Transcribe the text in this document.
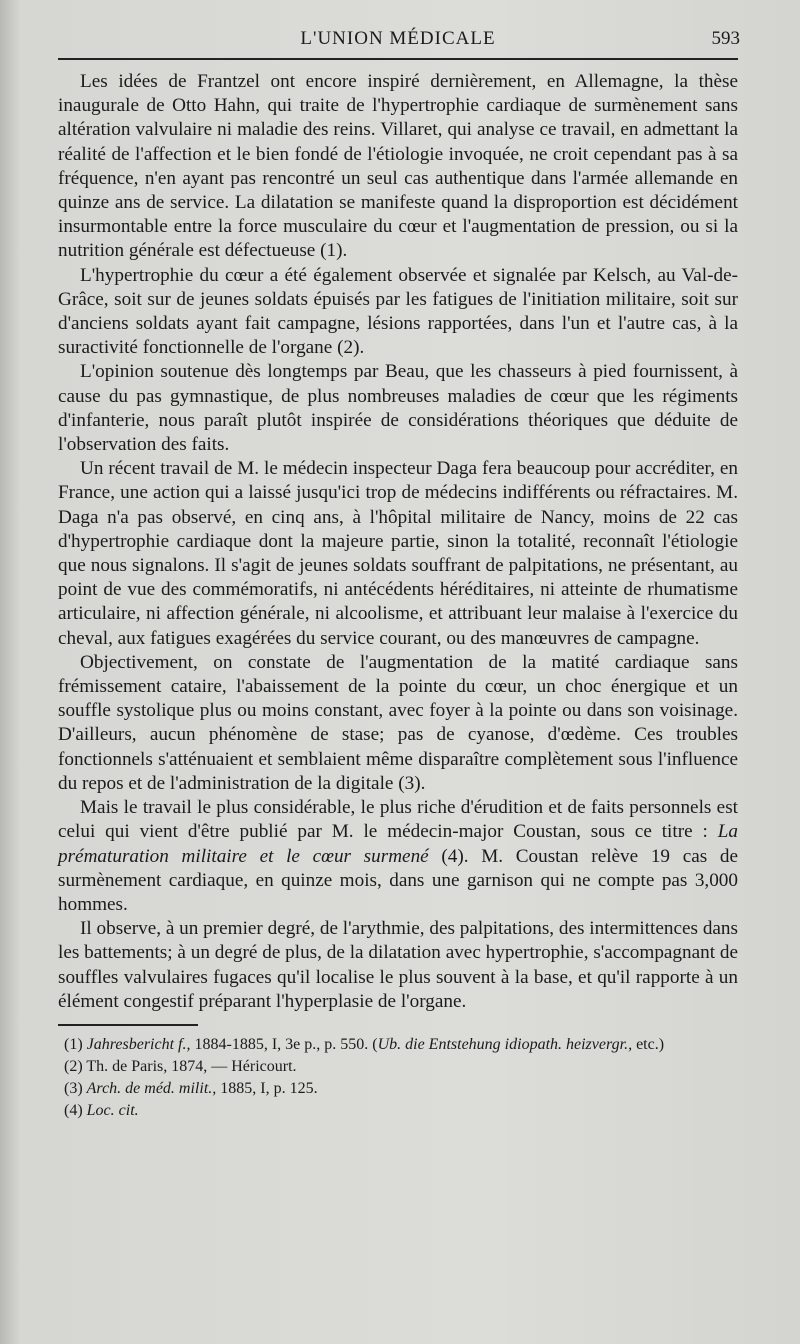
L'UNION MÉDICALE	593

Les idées de Frantzel ont encore inspiré dernièrement, en Allemagne, la thèse inaugurale de Otto Hahn, qui traite de l'hypertrophie cardiaque de surmènement sans altération valvulaire ni maladie des reins. Villaret, qui analyse ce travail, en admettant la réalité de l'affection et le bien fondé de l'étiologie invoquée, ne croit cependant pas à sa fréquence, n'en ayant pas rencontré un seul cas authentique dans l'armée allemande en quinze ans de service. La dilatation se manifeste quand la disproportion est décidément insurmontable entre la force musculaire du cœur et l'augmentation de pression, ou si la nutrition générale est défectueuse (1).

L'hypertrophie du cœur a été également observée et signalée par Kelsch, au Val-de-Grâce, soit sur de jeunes soldats épuisés par les fatigues de l'initiation militaire, soit sur d'anciens soldats ayant fait campagne, lésions rapportées, dans l'un et l'autre cas, à la suractivité fonctionnelle de l'organe (2).

L'opinion soutenue dès longtemps par Beau, que les chasseurs à pied fournissent, à cause du pas gymnastique, de plus nombreuses maladies de cœur que les régiments d'infanterie, nous paraît plutôt inspirée de considérations théoriques que déduite de l'observation des faits.

Un récent travail de M. le médecin inspecteur Daga fera beaucoup pour accréditer, en France, une action qui a laissé jusqu'ici trop de médecins indifférents ou réfractaires. M. Daga n'a pas observé, en cinq ans, à l'hôpital militaire de Nancy, moins de 22 cas d'hypertrophie cardiaque dont la majeure partie, sinon la totalité, reconnaît l'étiologie que nous signalons. Il s'agit de jeunes soldats souffrant de palpitations, ne présentant, au point de vue des commémoratifs, ni antécédents héréditaires, ni atteinte de rhumatisme articulaire, ni affection générale, ni alcoolisme, et attribuant leur malaise à l'exercice du cheval, aux fatigues exagérées du service courant, ou des manœuvres de campagne.

Objectivement, on constate de l'augmentation de la matité cardiaque sans frémissement cataire, l'abaissement de la pointe du cœur, un choc énergique et un souffle systolique plus ou moins constant, avec foyer à la pointe ou dans son voisinage. D'ailleurs, aucun phénomène de stase; pas de cyanose, d'œdème. Ces troubles fonctionnels s'atténuaient et semblaient même disparaître complètement sous l'influence du repos et de l'administration de la digitale (3).

Mais le travail le plus considérable, le plus riche d'érudition et de faits personnels est celui qui vient d'être publié par M. le médecin-major Coustan, sous ce titre : La prématuration militaire et le cœur surmené (4). M. Coustan relève 19 cas de surmènement cardiaque, en quinze mois, dans une garnison qui ne compte pas 3,000 hommes.

Il observe, à un premier degré, de l'arythmie, des palpitations, des intermittences dans les battements; à un degré de plus, de la dilatation avec hypertrophie, s'accompagnant de souffles valvulaires fugaces qu'il localise le plus souvent à la base, et qu'il rapporte à un élément congestif préparant l'hyperplasie de l'organe.

(1) Jahresbericht f., 1884-1885, I, 3e p., p. 550. (Ub. die Entstehung idiopath. heizvergr., etc.)

(2) Th. de Paris, 1874, — Héricourt.

(3) Arch. de méd. milit., 1885, I, p. 125.

(4) Loc. cit.
